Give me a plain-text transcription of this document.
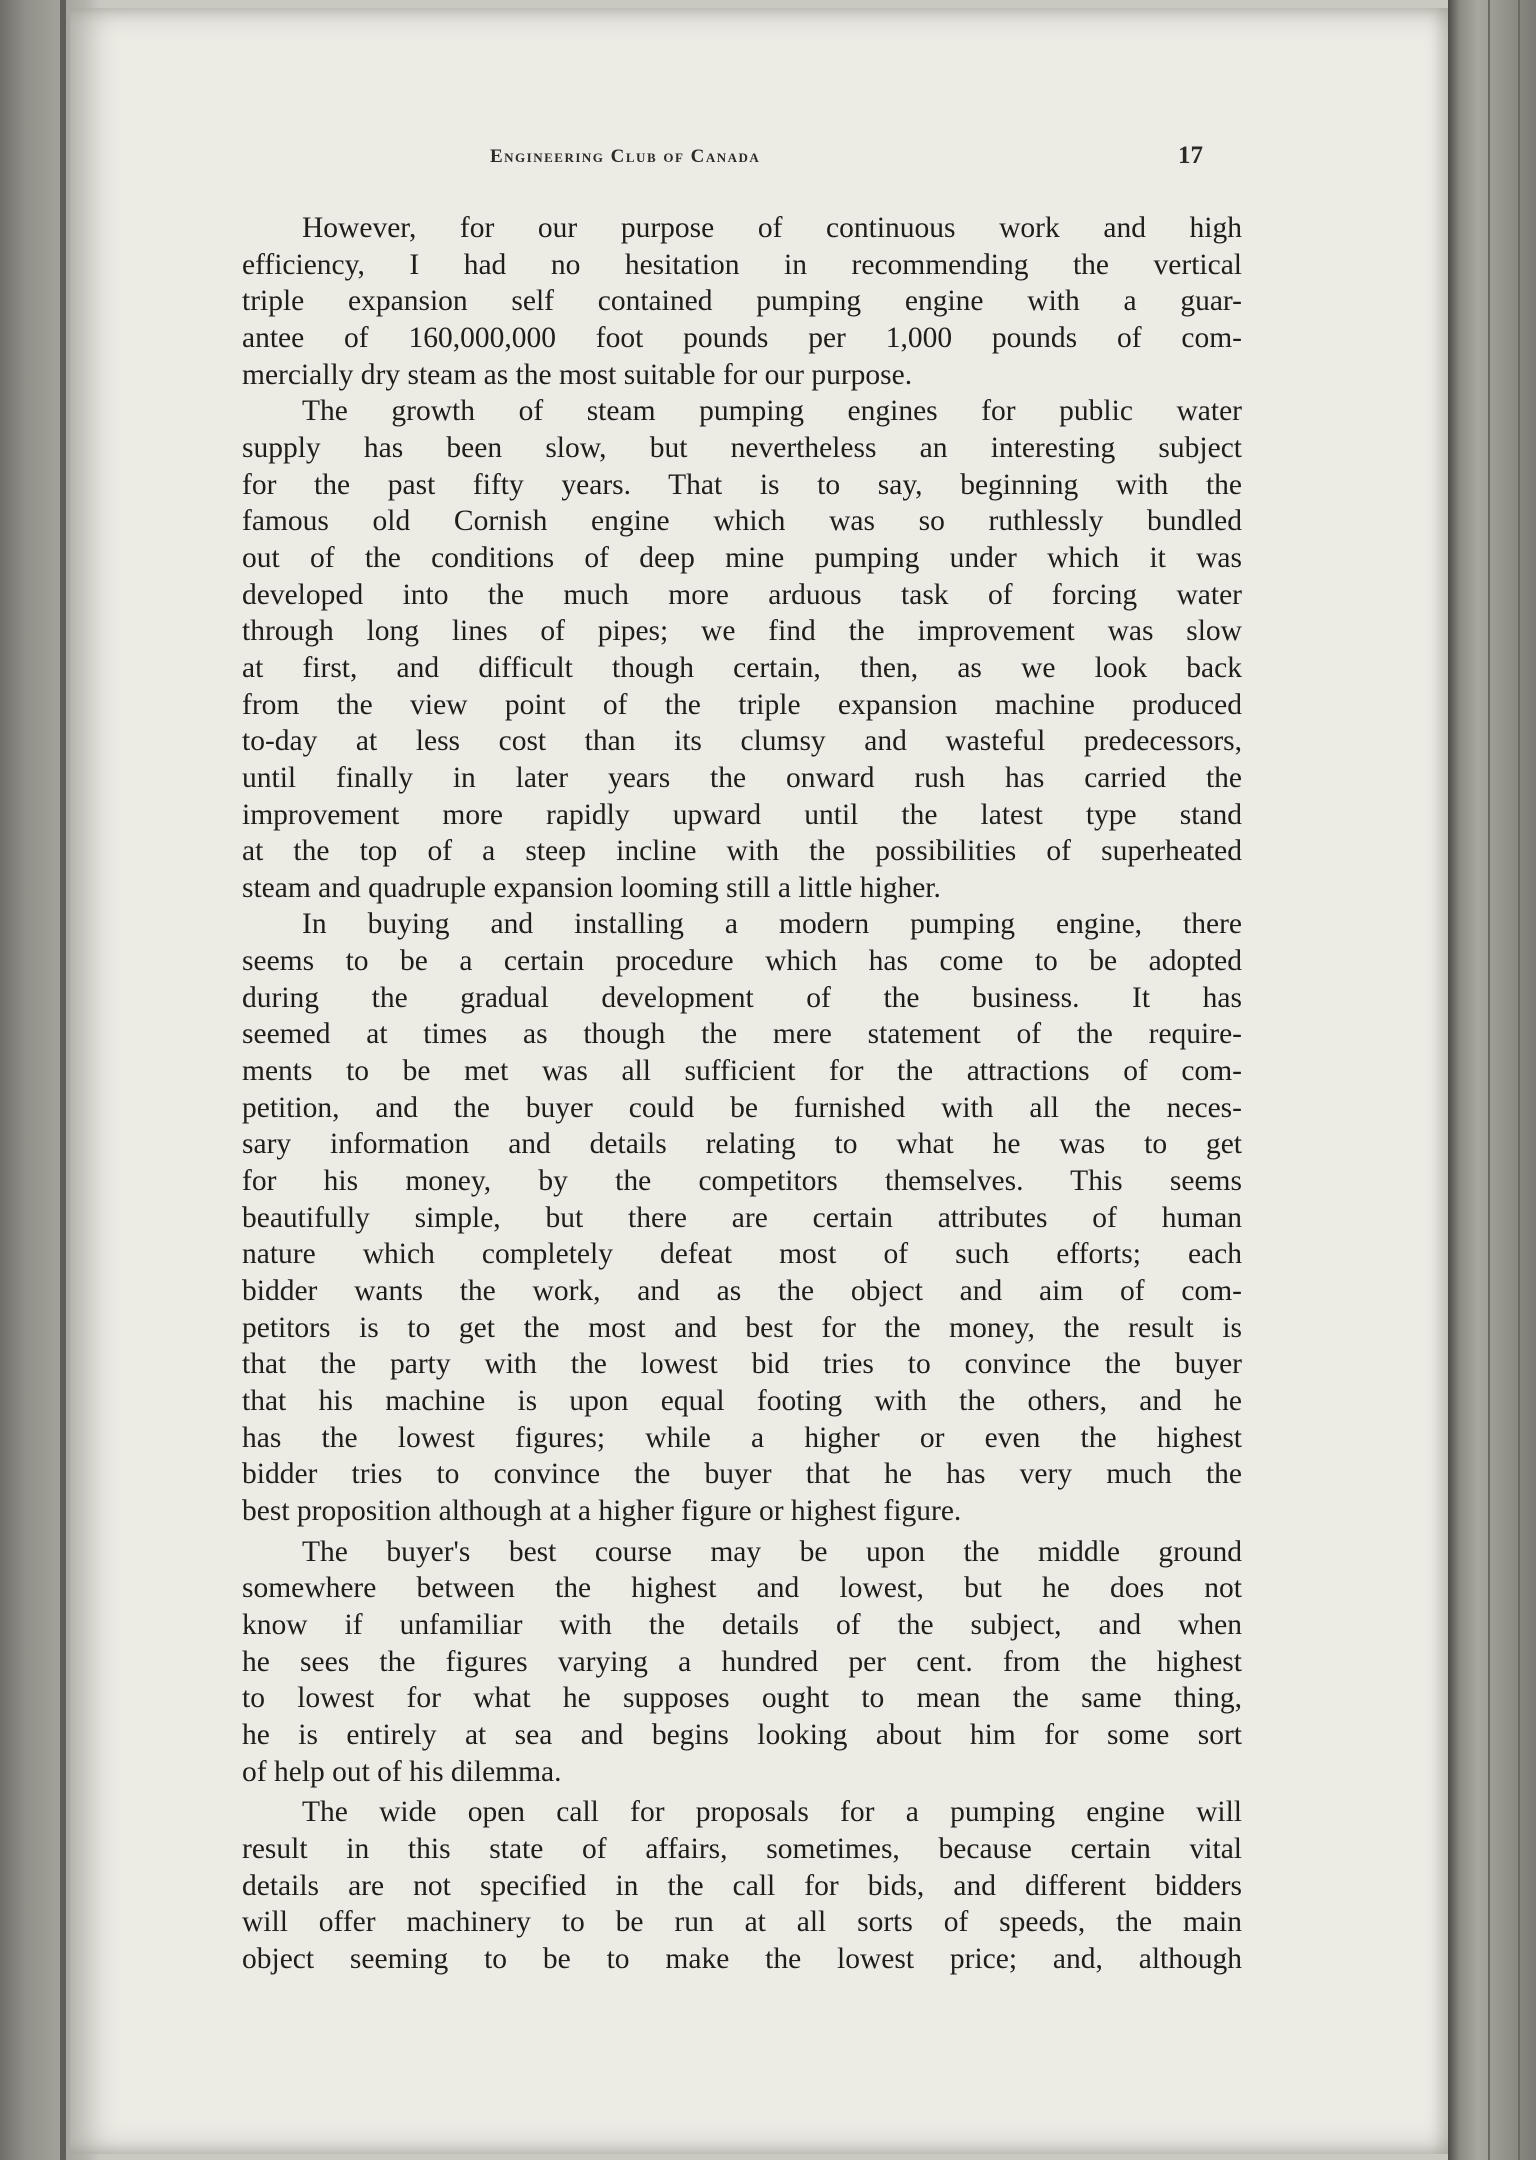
Engineering Club of Canada	17
However, for our purpose of continuous work and high
efficiency, I had no hesitation in recommending the vertical
triple expansion self contained pumping engine with a guar-
antee of 160,000,000 foot pounds per 1,000 pounds of com-
mercially dry steam as the most suitable for our purpose.
The growth of steam pumping engines for public water
supply has been slow, but nevertheless an interesting subject
for the past fifty years. That is to say, beginning with the
famous old Cornish engine which was so ruthlessly bundled
out of the conditions of deep mine pumping under which it was
developed into the much more arduous task of forcing water
through long lines of pipes; we find the improvement was slow
at first, and difficult though certain, then, as we look back
from the view point of the triple expansion machine produced
to-day at less cost than its clumsy and wasteful predecessors,
until finally in later years the onward rush has carried the
improvement more rapidly upward until the latest type stand
at the top of a steep incline with the possibilities of superheated
steam and quadruple expansion looming still a little higher.
In buying and installing a modern pumping engine, there
seems to be a certain procedure which has come to be adopted
during the gradual development of the business. It has
seemed at times as though the mere statement of the require-
ments to be met was all sufficient for the attractions of com-
petition, and the buyer could be furnished with all the neces-
sary information and details relating to what he was to get
for his money, by the competitors themselves. This seems
beautifully simple, but there are certain attributes of human
nature which completely defeat most of such efforts; each
bidder wants the work, and as the object and aim of com-
petitors is to get the most and best for the money, the result is
that the party with the lowest bid tries to convince the buyer
that his machine is upon equal footing with the others, and he
has the lowest figures; while a higher or even the highest
bidder tries to convince the buyer that he has very much the
best proposition although at a higher figure or highest figure.
The buyer's best course may be upon the middle ground
somewhere between the highest and lowest, but he does not
know if unfamiliar with the details of the subject, and when
he sees the figures varying a hundred per cent. from the highest
to lowest for what he supposes ought to mean the same thing,
he is entirely at sea and begins looking about him for some sort
of help out of his dilemma.
The wide open call for proposals for a pumping engine will
result in this state of affairs, sometimes, because certain vital
details are not specified in the call for bids, and different bidders
will offer machinery to be run at all sorts of speeds, the main
object seeming to be to make the lowest price; and, although
